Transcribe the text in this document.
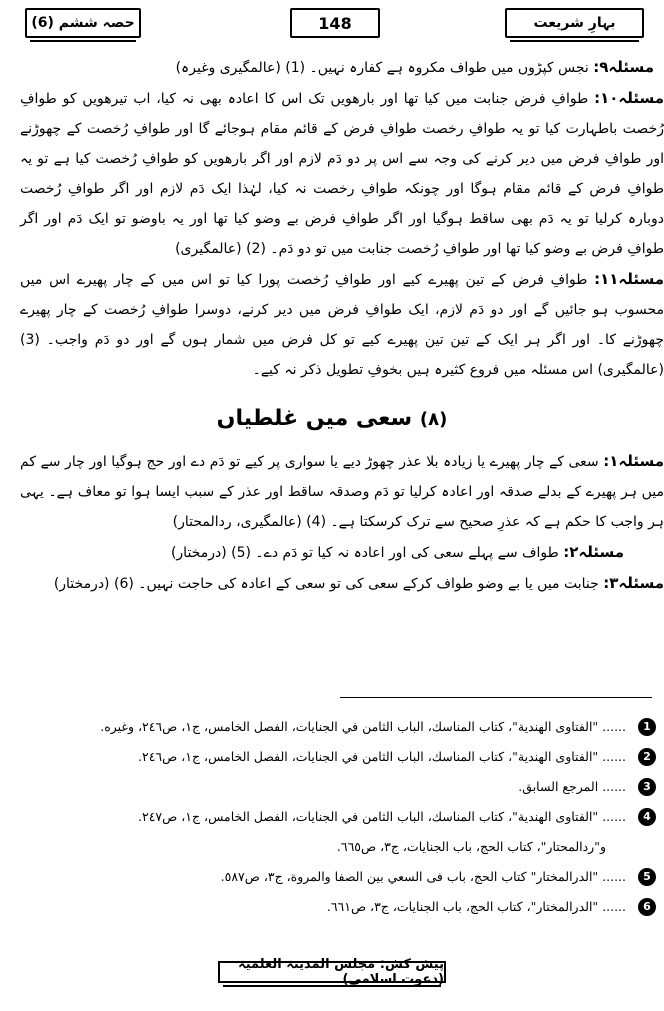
حصہ ششم (6)	148	بہارِ شریعت

مسئلہ۹: نجس کپڑوں میں طواف مکروہ ہے کفارہ نہیں۔ (1) (عالمگیری وغیرہ)

مسئلہ۱۰: طوافِ فرض جنابت میں کیا تھا اور بارھویں تک اس کا اعادہ بھی نہ کیا، اب تیرھویں کو طوافِ رُخصت باطہارت کیا تو یہ طوافِ رخصت طوافِ فرض کے قائم مقام ہوجائے گا اور طوافِ رُخصت کے چھوڑنے اور طوافِ فرض میں دیر کرنے کی وجہ سے اس پر دو دَم لازم اور اگر بارھویں کو طوافِ رُخصت کیا ہے تو یہ طوافِ فرض کے قائم مقام ہوگا اور چونکہ طوافِ رخصت نہ کیا، لہٰذا ایک دَم لازم اور اگر طوافِ رُخصت دوبارہ کرلیا تو یہ دَم بھی ساقط ہوگیا اور اگر طوافِ فرض بے وضو کیا تھا اور یہ باوضو تو ایک دَم اور اگر طوافِ فرض بے وضو کیا تھا اور طوافِ رُخصت جنابت میں تو دو دَم۔ (2) (عالمگیری)

مسئلہ۱۱: طوافِ فرض کے تین پھیرے کیے اور طوافِ رُخصت پورا کیا تو اس میں کے چار پھیرے اس میں محسوب ہو جائیں گے اور دو دَم لازم، ایک طوافِ فرض میں دیر کرنے، دوسرا طوافِ رُخصت کے چار پھیرے چھوڑنے کا۔ اور اگر ہر ایک کے تین تین پھیرے کیے تو کل فرض میں شمار ہوں گے اور دو دَم واجب۔ (3) (عالمگیری) اس مسئلہ میں فروع کثیرہ ہیں بخوفِ تطویل ذکر نہ کیے۔

(۸) سعی میں غلطیاں

مسئلہ۱: سعی کے چار پھیرے یا زیادہ بلا عذر چھوڑ دیے یا سواری پر کیے تو دَم دے اور حج ہوگیا اور چار سے کم میں ہر پھیرے کے بدلے صدقہ اور اعادہ کرلیا تو دَم وصدقہ ساقط اور عذر کے سبب ایسا ہوا تو معاف ہے۔ یہی ہر واجب کا حکم ہے کہ عذرِ صحیح سے ترک کرسکتا ہے۔ (4) (عالمگیری، ردالمحتار)

مسئلہ۲: طواف سے پہلے سعی کی اور اعادہ نہ کیا تو دَم دے۔ (5) (درمختار)

مسئلہ۳: جنابت میں یا بے وضو طواف کرکے سعی کی تو سعی کے اعادہ کی حاجت نہیں۔ (6) (درمختار)

1
...... "الفتاوی الهندية"، كتاب المناسك، الباب الثامن في الجنايات، الفصل الخامس، ج١، ص٢٤٦، وغيره.
2
...... "الفتاوی الهندية"، كتاب المناسك، الباب الثامن في الجنايات، الفصل الخامس، ج١، ص٢٤٦.
3
...... المرجع السابق.
4
...... "الفتاوی الهندية"، كتاب المناسك، الباب الثامن في الجنايات، الفصل الخامس، ج١، ص٢٤٧.
و"ردالمحتار"، كتاب الحج، باب الجنايات، ج٣، ص٦٦٥.
5
...... "الدرالمختار" كتاب الحج، باب فى السعي بين الصفا والمروة، ج٣، ص٥٨٧.
6
...... "الدرالمختار"، كتاب الحج، باب الجنايات، ج٣، ص٦٦١.
پیش کش: مجلس المدینۃ العلمیۃ (دعوت اسلامی)
